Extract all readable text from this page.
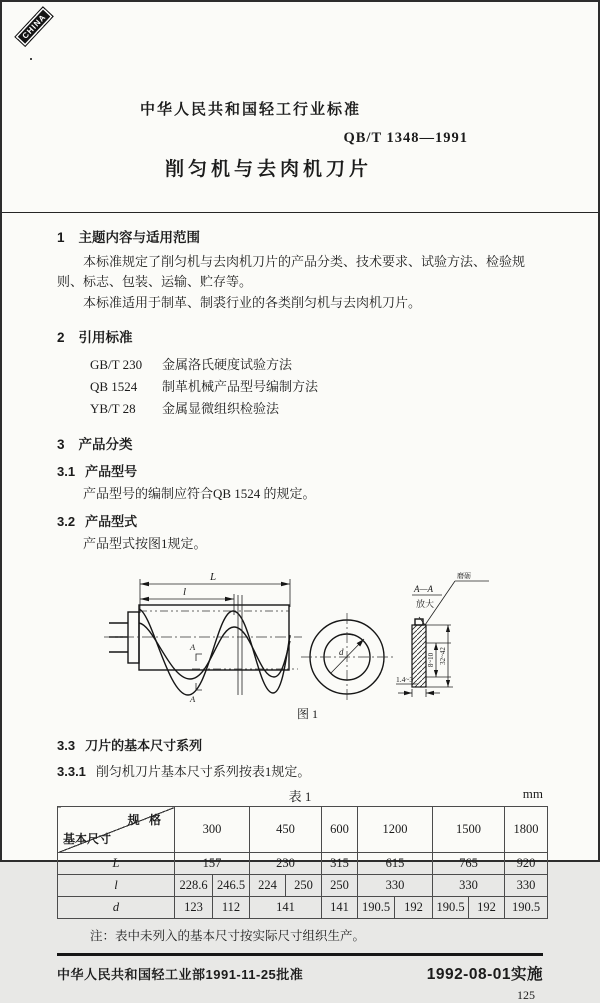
CHINA
中华人民共和国轻工行业标准
QB/T 1348—1991
削匀机与去肉机刀片
1 主题内容与适用范围

本标准规定了削匀机与去肉机刀片的产品分类、技术要求、试验方法、检验规则、标志、包装、运输、贮存等。

本标准适用于制革、制裘行业的各类削匀机与去肉机刀片。

2 引用标准
GB/T 230 金属洛氏硬度试验方法
QB 1524 制革机械产品型号编制方法
YB/T 28 金属显微组织检验法
3 产品分类
3.1 产品型号

产品型号的编制应符合QB 1524 的规定。

3.2 产品型式

产品型式按图1规定。

L
l
A
A
d
A—A
放大
磨砺
8~10 32~42
1.4~3
图 1
3.3 刀片的基本尺寸系列
3.3.1 削匀机刀片基本尺寸系列按表1规定。
表 1	mm
规 格
基本尺寸	300		450		600	1200		1500		1800
L	157		230		315	615		765		920
l	228.6	246.5	224	250	250	330		330		330
d	123	112	141		141	190.5	192	190.5	192	190.5
注：表中未列入的基本尺寸按实际尺寸组织生产。
中华人民共和国轻工业部1991-11-25批准	1992-08-01实施
125
